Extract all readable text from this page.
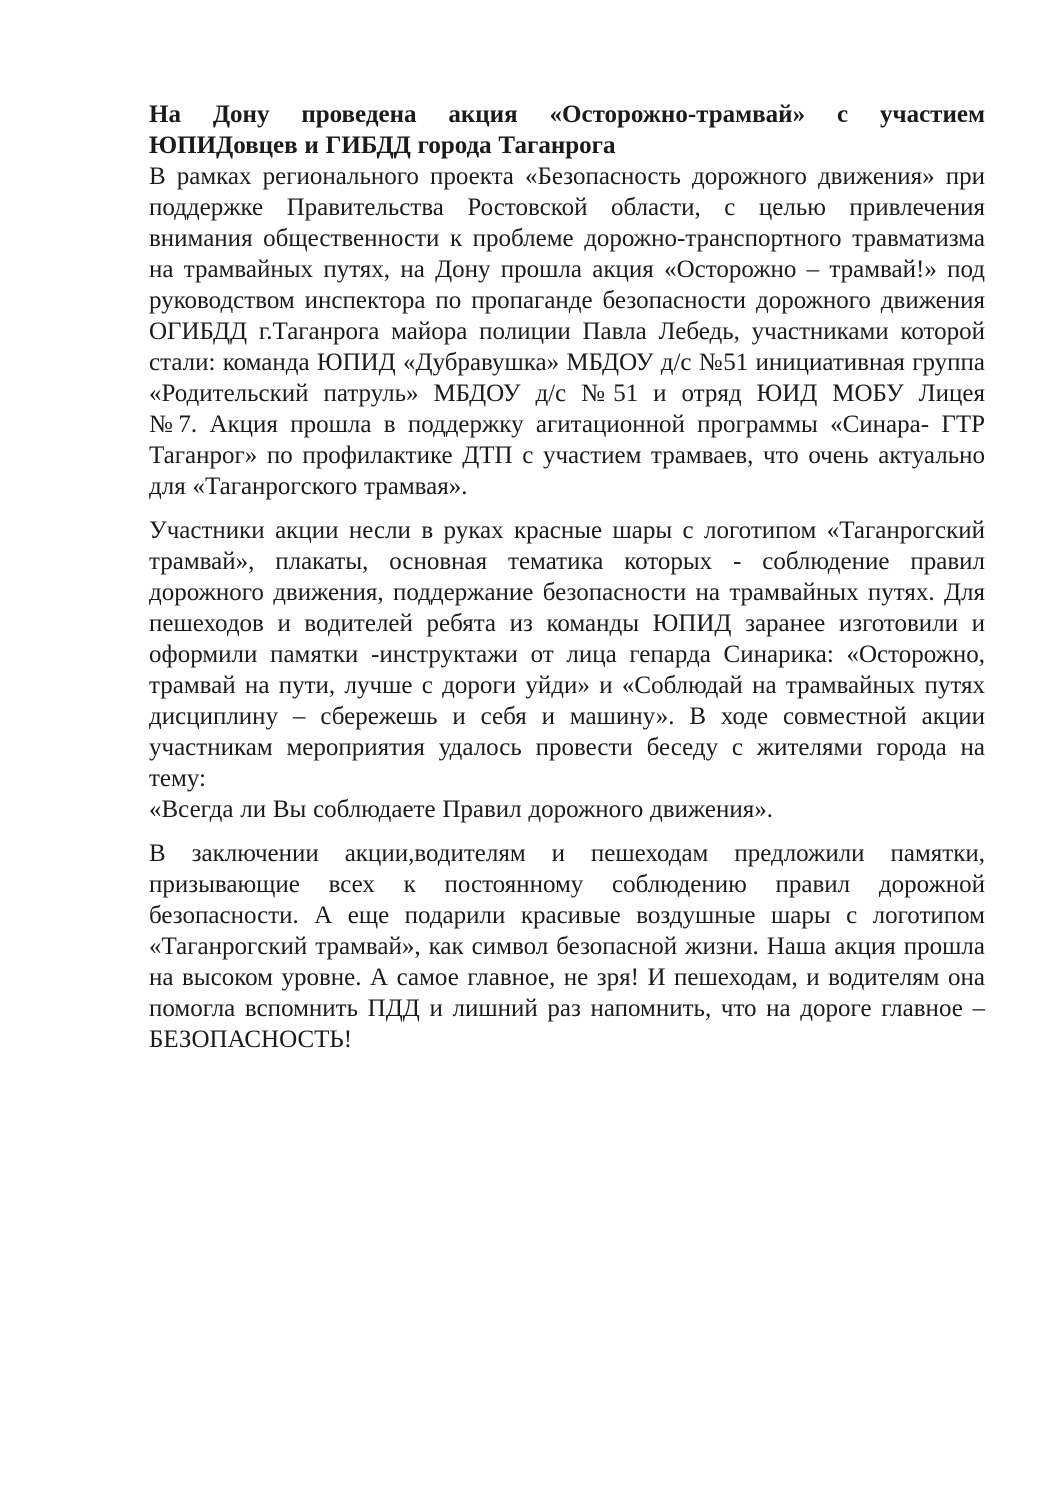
На Дону проведена акция «Осторожно-трамвай» с участием
ЮПИДовцев и ГИБДД города Таганрога
В рамках регионального проекта «Безопасность дорожного движения» при
поддержке Правительства Ростовской области, с целью привлечения
внимания общественности к проблеме дорожно-транспортного травматизма
на трамвайных путях, на Дону прошла акция «Осторожно – трамвай!» под
руководством инспектора по пропаганде безопасности дорожного движения
ОГИБДД г.Таганрога майора полиции Павла Лебедь, участниками которой
стали: команда ЮПИД «Дубравушка» МБДОУ д/с №51 инициативная группа
«Родительский патруль» МБДОУ д/с №51 и отряд ЮИД МОБУ Лицея
№7. Акция прошла в поддержку агитационной программы «Синара- ГТР
Таганрог» по профилактике ДТП с участием трамваев, что очень актуально
для «Таганрогского трамвая».
Участники акции несли в руках красные шары с логотипом «Таганрогский
трамвай», плакаты, основная тематика которых - соблюдение правил
дорожного движения, поддержание безопасности на трамвайных путях. Для
пешеходов и водителей ребята из команды ЮПИД заранее изготовили и
оформили памятки -инструктажи от лица гепарда Синарика: «Осторожно,
трамвай на пути, лучше с дороги уйди» и «Соблюдай на трамвайных путях
дисциплину – сбережешь и себя и машину». В ходе совместной акции
участникам мероприятия удалось провести беседу с жителями города на тему:
«Всегда ли Вы соблюдаете Правил дорожного движения».
В заключении акции,водителям и пешеходам предложили памятки,
призывающие всех к постоянному соблюдению правил дорожной
безопасности. А еще подарили красивые воздушные шары с логотипом
«Таганрогский трамвай», как символ безопасной жизни. Наша акция прошла
на высоком уровне. А самое главное, не зря! И пешеходам, и водителям она
помогла вспомнить ПДД и лишний раз напомнить, что на дороге главное –
БЕЗОПАСНОСТЬ!
